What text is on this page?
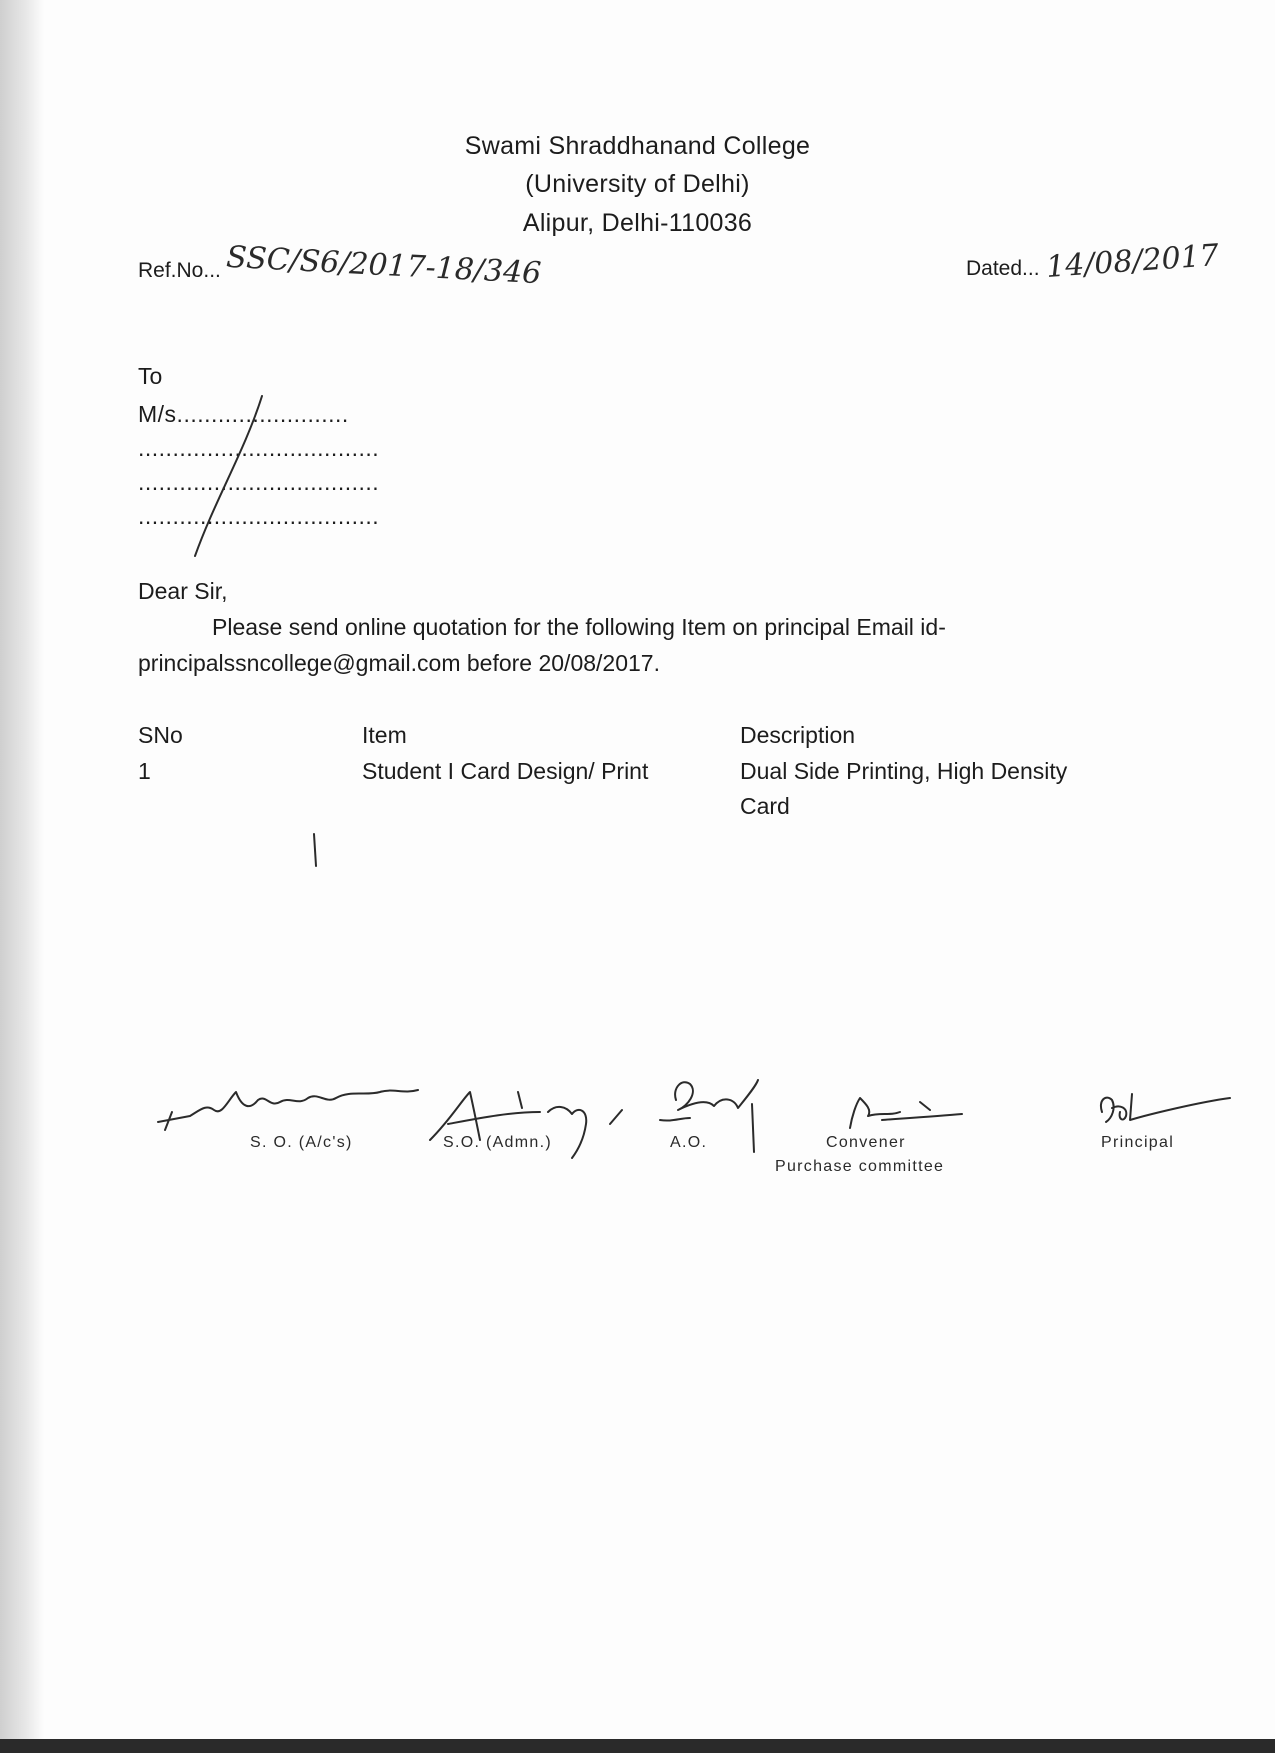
Swami Shraddhanand College
(University of Delhi)
Alipur, Delhi-110036
Ref.No... SSC/S6/2017-18/346	Dated... 14/08/2017
To
M/s.........................
...................................
...................................
...................................
Dear Sir,
Please send online quotation for the following Item on principal Email id-
principalssncollege@gmail.com before 20/08/2017.
SNo	Item	Description
1	Student I Card Design/ Print	Dual Side Printing, High Density
Card
S. O. (A/c's)	S.O. (Admn.)	A.O.	Convener
Purchase committee
Principal
